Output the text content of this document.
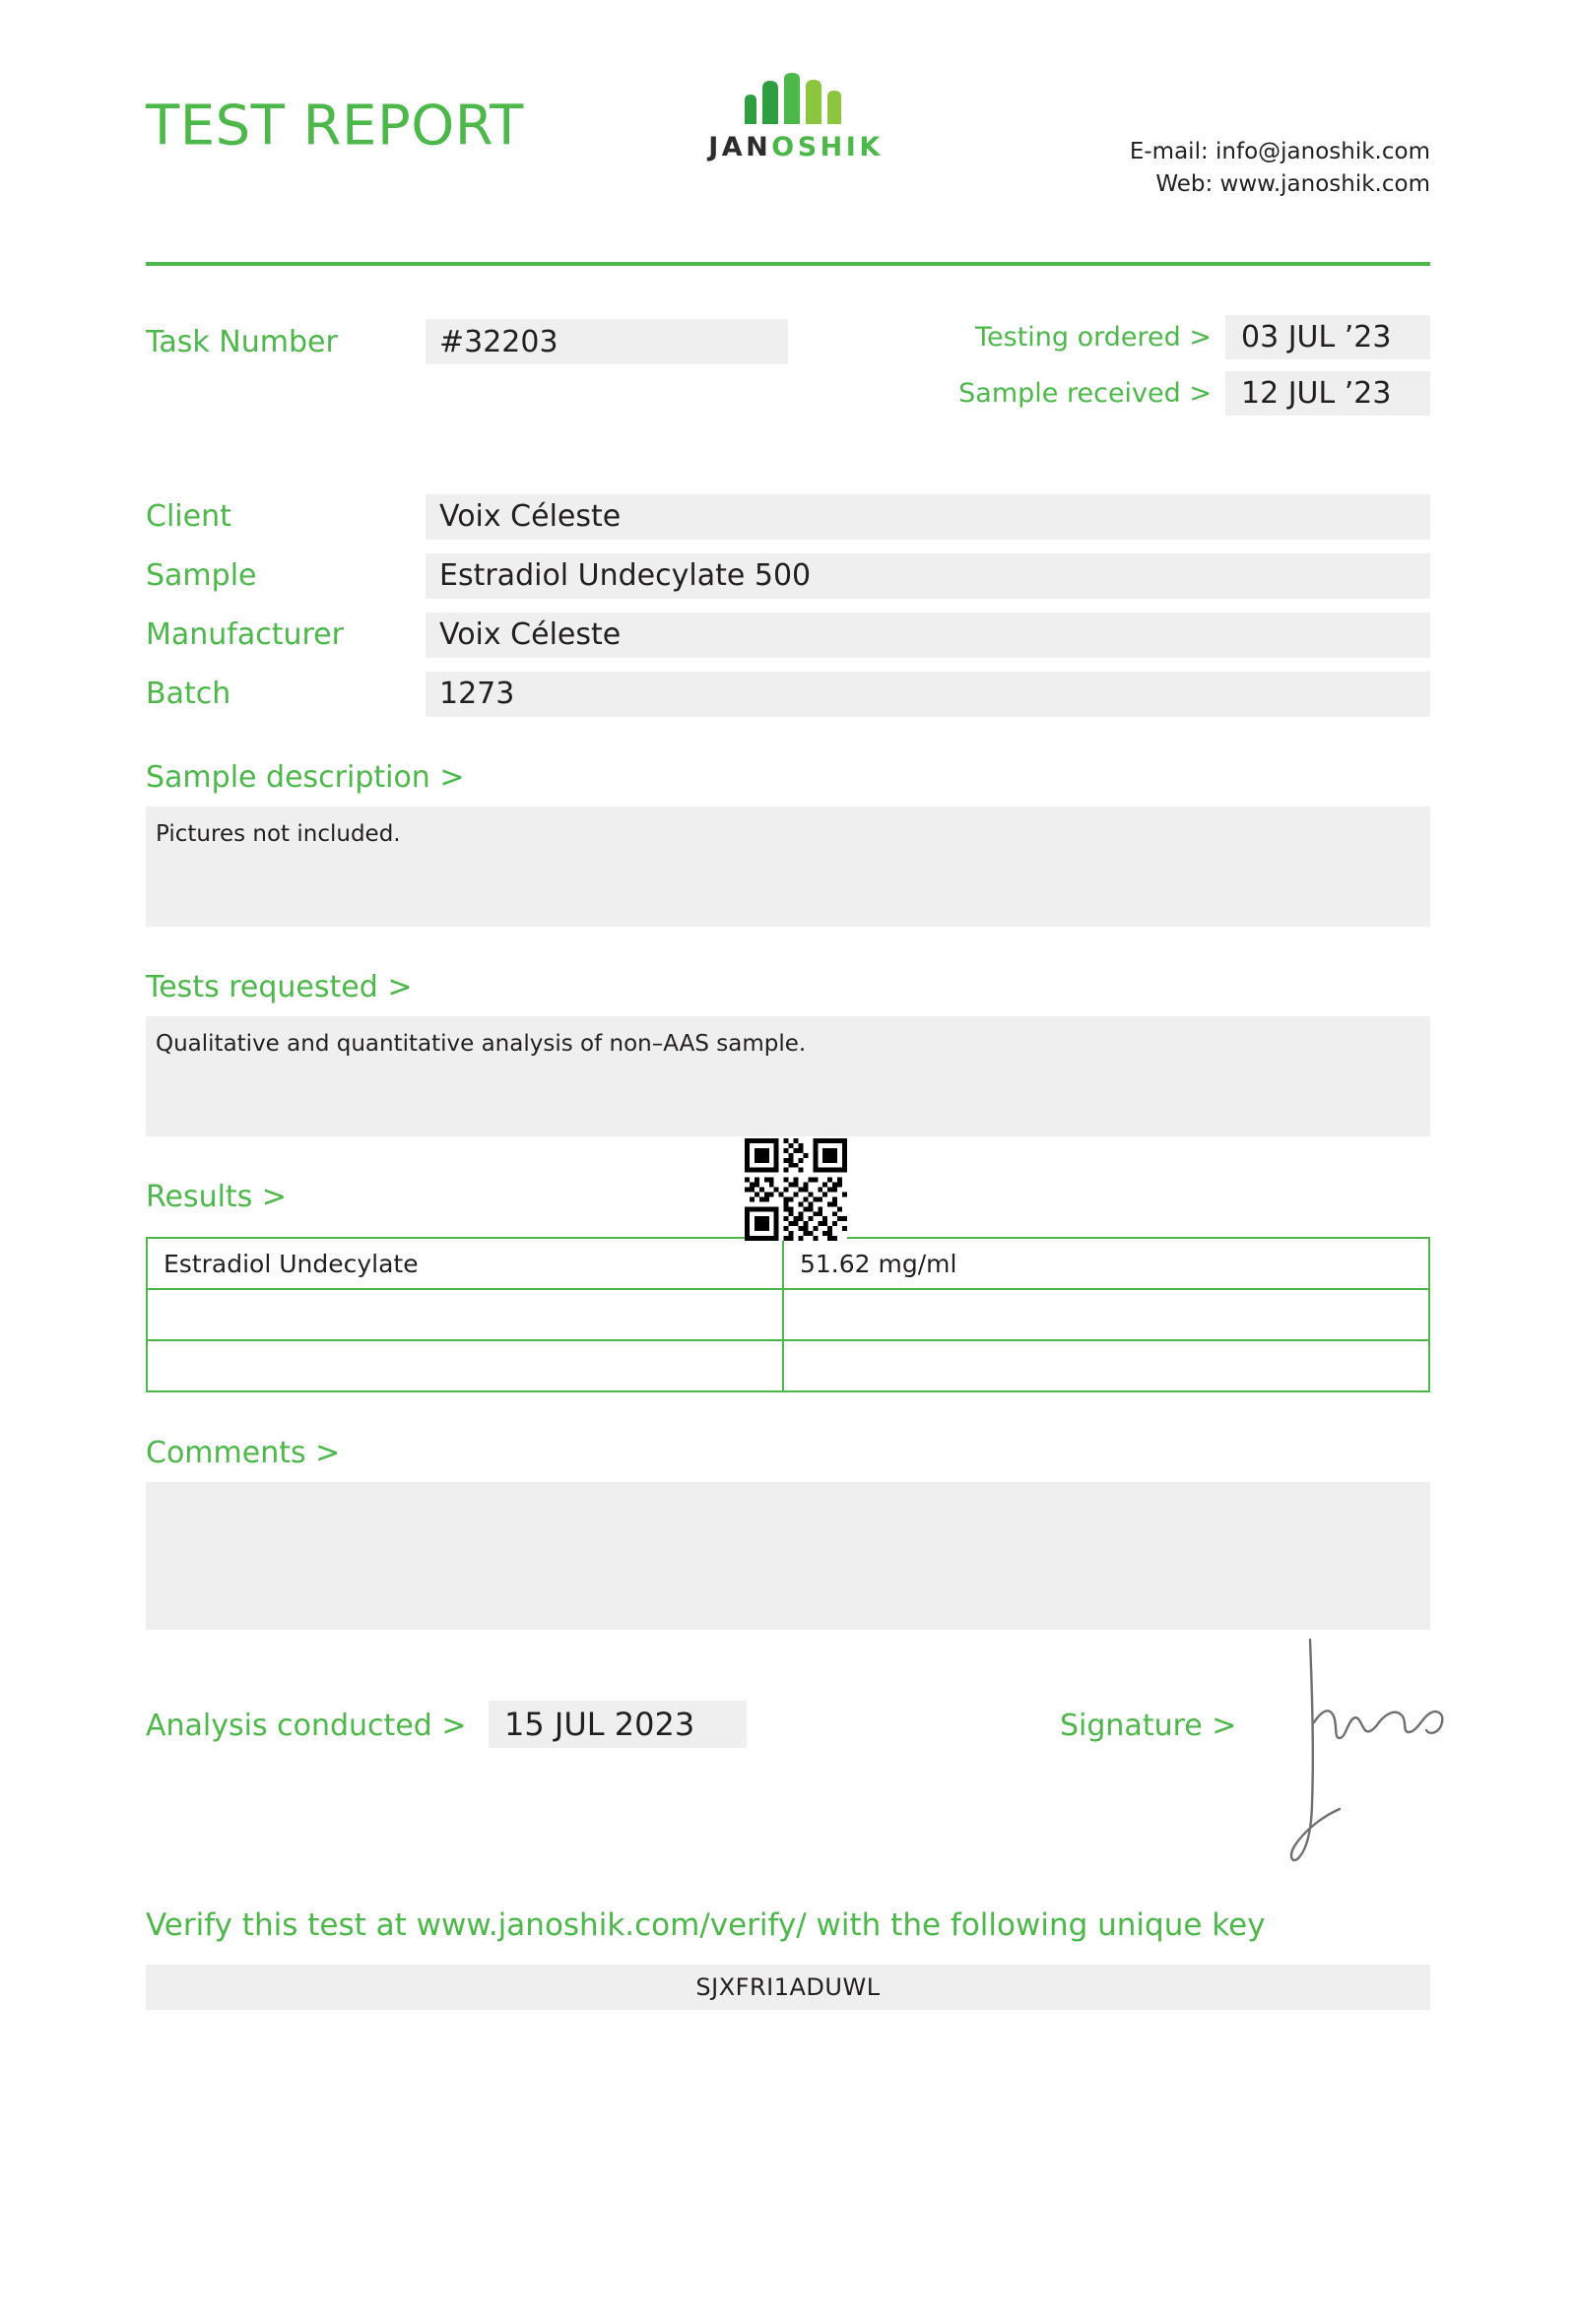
TEST REPORT	JANOSHIK	E-mail: info@janoshik.com
Web: www.janoshik.com
Task Number	#32203	Testing ordered >	03 JUL ’23
Sample received >	12 JUL ’23
Client	Voix Céleste
Sample	Estradiol Undecylate 500
Manufacturer	Voix Céleste
Batch	1273
Sample description >
Pictures not included.
Tests requested >
Qualitative and quantitative analysis of non–AAS sample.
Results >
Estradiol Undecylate	51.62 mg/ml

Comments >
Analysis conducted >	15 JUL 2023	Signature >
Verify this test at www.janoshik.com/verify/ with the following unique key
SJXFRI1ADUWL
